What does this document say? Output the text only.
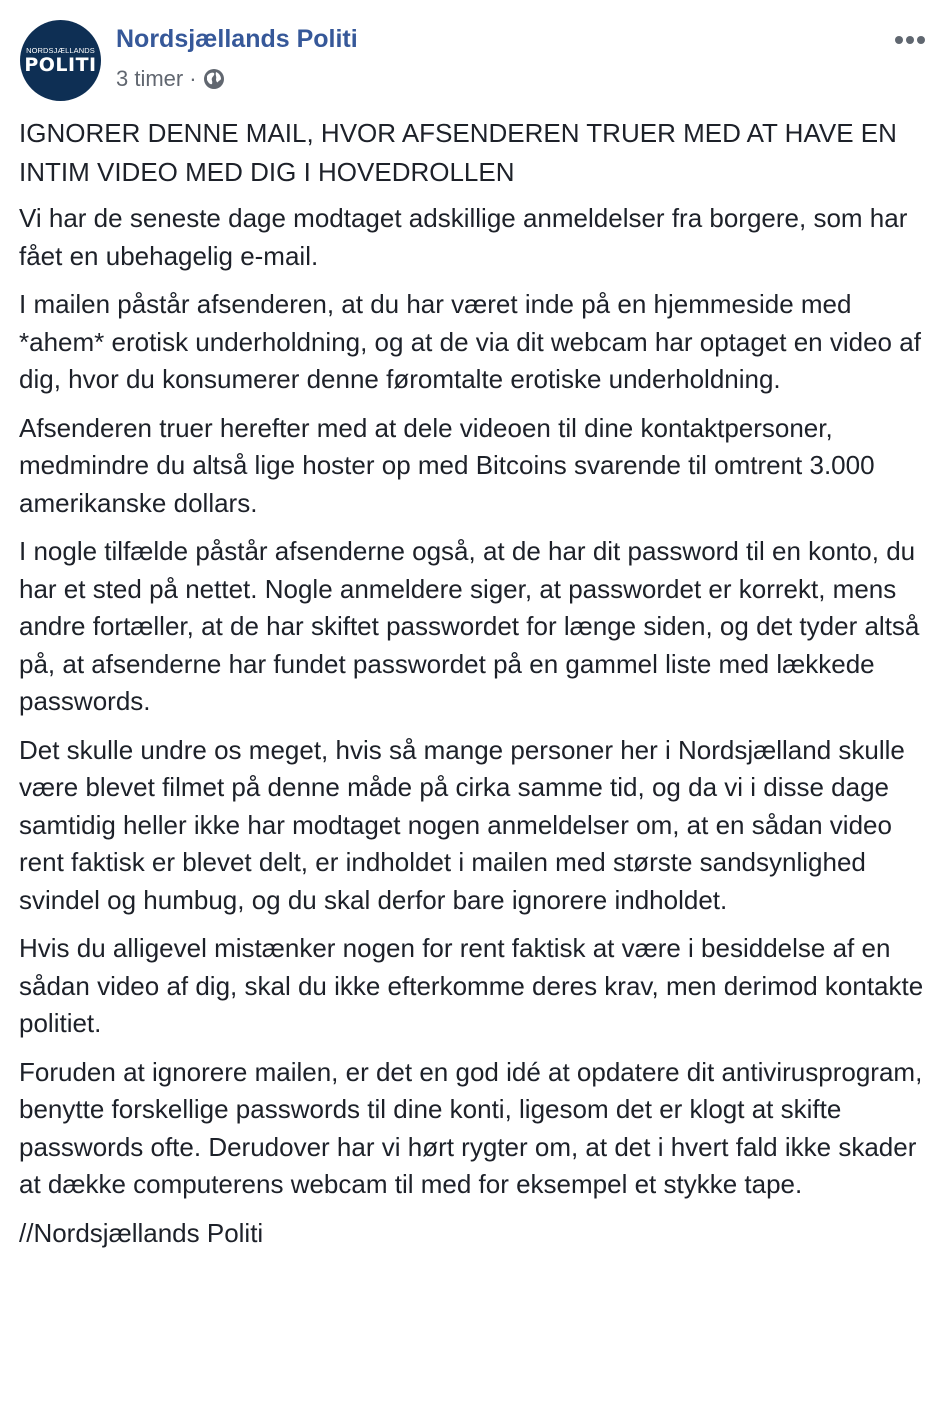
NORDSJÆLLANDS
POLITI
Nordsjællands Politi
3 timer ·

IGNORER DENNE MAIL, HVOR AFSENDEREN TRUER MED AT HAVE EN INTIM VIDEO MED DIG I HOVEDROLLEN

Vi har de seneste dage modtaget adskillige anmeldelser fra borgere, som har fået en ubehagelig e-mail.

I mailen påstår afsenderen, at du har været inde på en hjemmeside med *ahem* erotisk underholdning, og at de via dit webcam har optaget en video af dig, hvor du konsumerer denne føromtalte erotiske underholdning.

Afsenderen truer herefter med at dele videoen til dine kontaktpersoner, medmindre du altså lige hoster op med Bitcoins svarende til omtrent 3.000 amerikanske dollars.

I nogle tilfælde påstår afsenderne også, at de har dit password til en konto, du har et sted på nettet. Nogle anmeldere siger, at passwordet er korrekt, mens andre fortæller, at de har skiftet passwordet for længe siden, og det tyder altså på, at afsenderne har fundet passwordet på en gammel liste med lækkede passwords.

Det skulle undre os meget, hvis så mange personer her i Nordsjælland skulle være blevet filmet på denne måde på cirka samme tid, og da vi i disse dage samtidig heller ikke har modtaget nogen anmeldelser om, at en sådan video rent faktisk er blevet delt, er indholdet i mailen med største sandsynlighed svindel og humbug, og du skal derfor bare ignorere indholdet.

Hvis du alligevel mistænker nogen for rent faktisk at være i besiddelse af en sådan video af dig, skal du ikke efterkomme deres krav, men derimod kontakte politiet.

Foruden at ignorere mailen, er det en god idé at opdatere dit antivirusprogram, benytte forskellige passwords til dine konti, ligesom det er klogt at skifte passwords ofte. Derudover har vi hørt rygter om, at det i hvert fald ikke skader at dække computerens webcam til med for eksempel et stykke tape.

//Nordsjællands Politi
